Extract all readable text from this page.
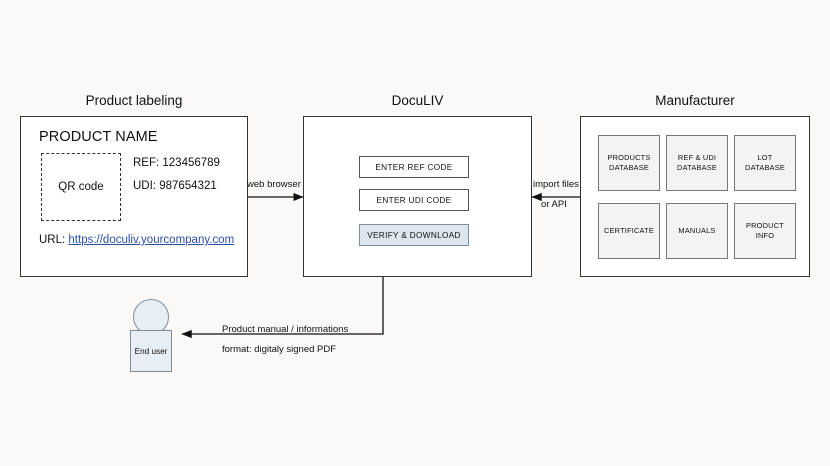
Product labeling	DocuLIV	Manufacturer
PRODUCT NAME
QR code
REF: 123456789
UDI: 987654321
URL: https://doculiv.yourcompany.com
ENTER REF CODE
ENTER UDI CODE
VERIFY & DOWNLOAD
PRODUCTS
DATABASE
REF & UDI
DATABASE
LOT
DATABASE
CERTIFICATE	MANUALS
PRODUCT
INFO
web browser	import files
or API
Product manual / informations
format: digitaly signed PDF
End user
